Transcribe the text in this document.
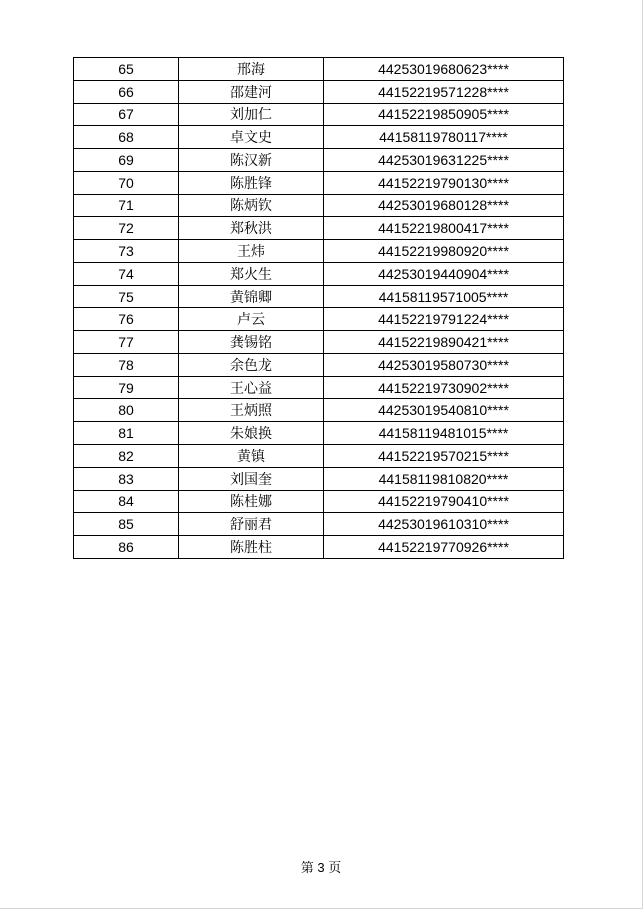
65	邢海	44253019680623****
66	邵建河	44152219571228****
67	刘加仁	44152219850905****
68	卓文史	44158119780117****
69	陈汉新	44253019631225****
70	陈胜锋	44152219790130****
71	陈炳钦	44253019680128****
72	郑秋洪	44152219800417****
73	王炜	44152219980920****
74	郑火生	44253019440904****
75	黄锦卿	44158119571005****
76	卢云	44152219791224****
77	龚锡铭	44152219890421****
78	余色龙	44253019580730****
79	王心益	44152219730902****
80	王炳照	44253019540810****
81	朱娘换	44158119481015****
82	黄镇	44152219570215****
83	刘国奎	44158119810820****
84	陈桂娜	44152219790410****
85	舒丽君	44253019610310****
86	陈胜柱	44152219770926****
第 3 页
